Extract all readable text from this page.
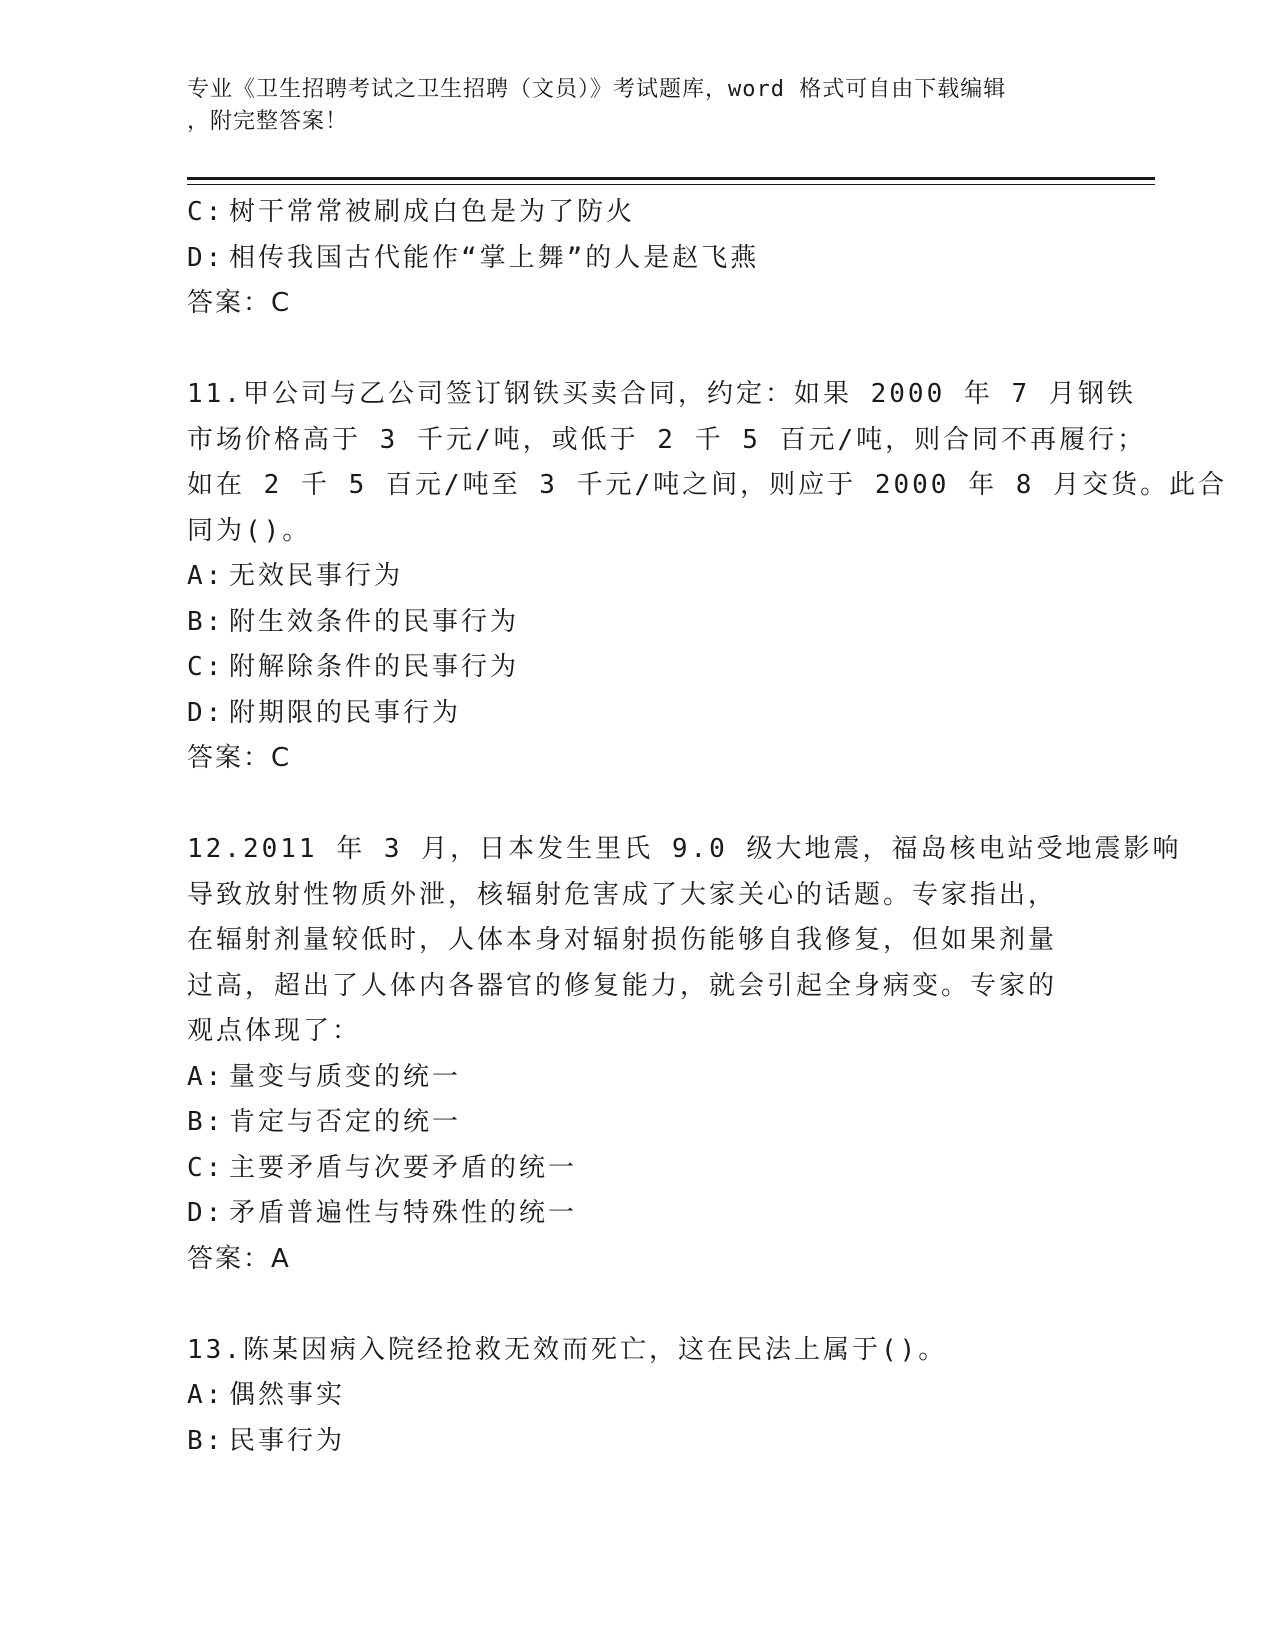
专业《卫生招聘考试之卫生招聘（文员）》考试题库，word 格式可自由下载编辑
，附完整答案！
C: 树干常常被刷成白色是为了防火
D: 相传我国古代能作“掌上舞”的人是赵飞燕
答案：C
11.甲公司与乙公司签订钢铁买卖合同，约定：如果 2000 年 7 月钢铁
市场价格高于 3 千元/吨，或低于 2 千 5 百元/吨，则合同不再履行；
如在 2 千 5 百元/吨至 3 千元/吨之间，则应于 2000 年 8 月交货。此合
同为()。
A: 无效民事行为
B: 附生效条件的民事行为
C: 附解除条件的民事行为
D: 附期限的民事行为
答案：C
12.2011 年 3 月，日本发生里氏 9.0 级大地震，福岛核电站受地震影响
导致放射性物质外泄，核辐射危害成了大家关心的话题。专家指出，
在辐射剂量较低时，人体本身对辐射损伤能够自我修复，但如果剂量
过高，超出了人体内各器官的修复能力，就会引起全身病变。专家的
观点体现了：
A: 量变与质变的统一
B: 肯定与否定的统一
C: 主要矛盾与次要矛盾的统一
D: 矛盾普遍性与特殊性的统一
答案：A
13.陈某因病入院经抢救无效而死亡，这在民法上属于()。
A: 偶然事实
B: 民事行为
